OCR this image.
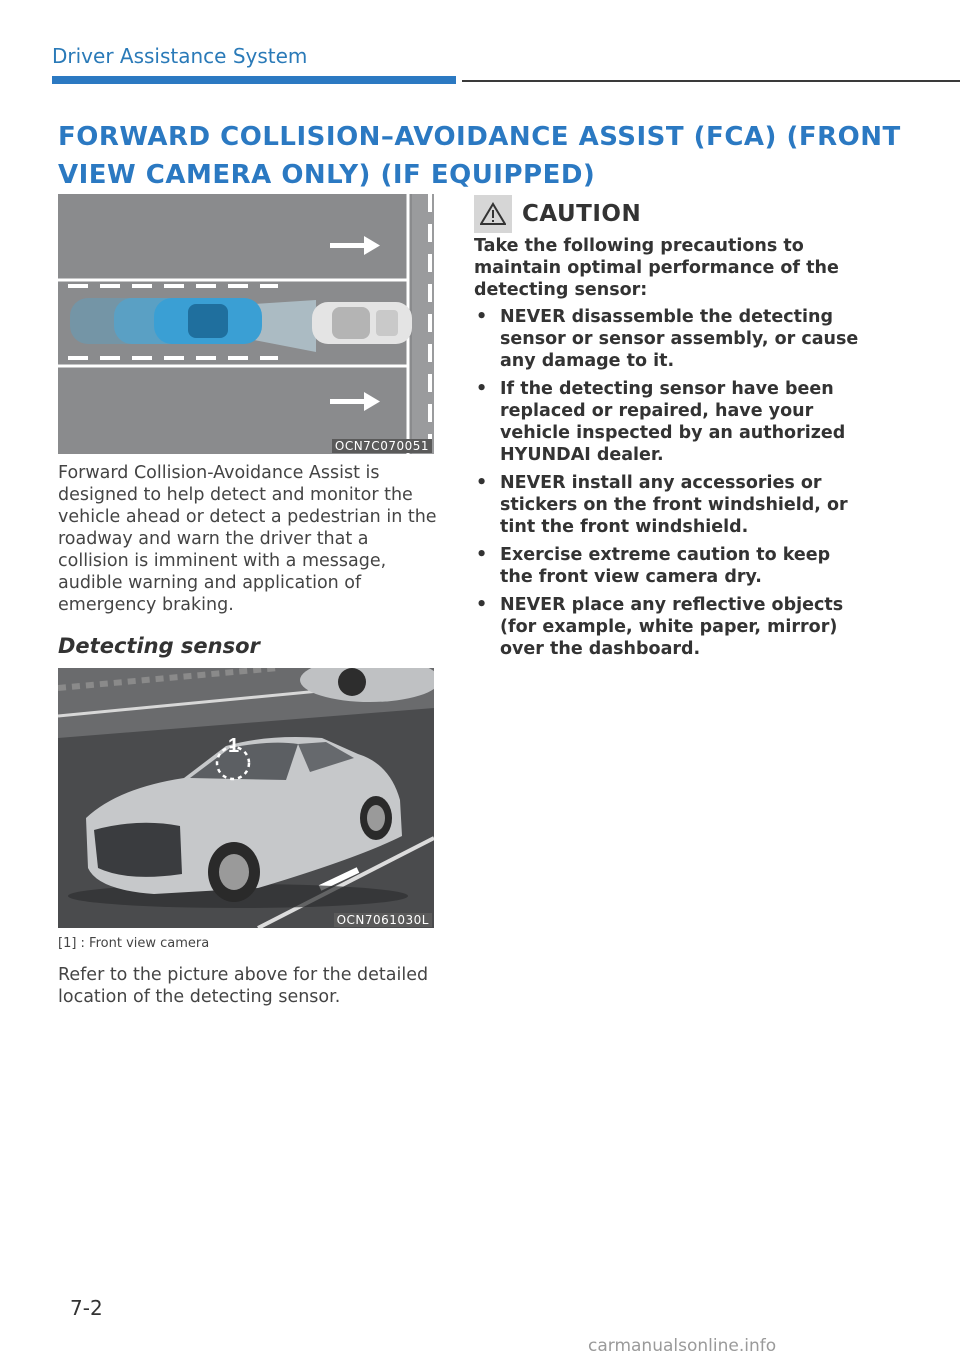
Driver Assistance System
FORWARD COLLISION–AVOIDANCE ASSIST (FCA) (FRONT
VIEW CAMERA ONLY) (IF EQUIPPED)
OCN7C070051
Forward Collision-Avoidance Assist is designed to help detect and monitor the vehicle ahead or detect a pedestrian in the roadway and warn the driver that a collision is imminent with a message, audible warning and application of emergency braking.
Detecting sensor
1
OCN7061030L
[1] : Front view camera
Refer to the picture above for the detailed location of the detecting sensor.
CAUTION
Take the following precautions to maintain optimal performance of the detecting sensor:
• NEVER disassemble the detecting sensor or sensor assembly, or cause any damage to it.
• If the detecting sensor have been replaced or repaired, have your vehicle inspected by an authorized HYUNDAI dealer.
• NEVER install any accessories or stickers on the front windshield, or tint the front windshield.
• Exercise extreme caution to keep the front view camera dry.
• NEVER place any reflective objects (for example, white paper, mirror) over the dashboard.
7-2
carmanualsonline.info
